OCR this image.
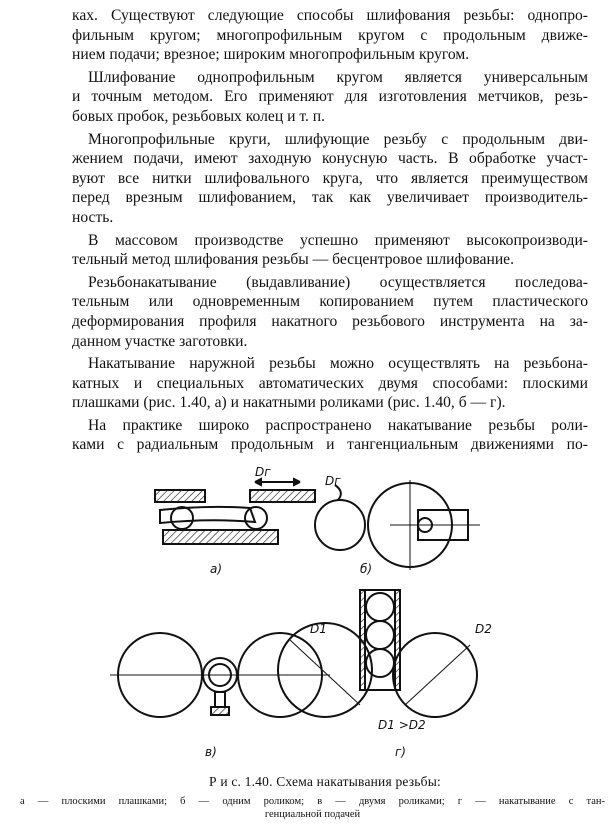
ках. Существуют следующие способы шлифования резьбы: однопро-
фильным кругом; многопрофильным кругом с продольным движе-
нием подачи; врезное; широким многопрофильным кругом.

Шлифование однопрофильным кругом является универсальным
и точным методом. Его применяют для изготовления метчиков, резь-
бовых пробок, резьбовых колец и т. п.

Многопрофильные круги, шлифующие резьбу с продольным дви-
жением подачи, имеют заходную конусную часть. В обработке участ-
вуют все нитки шлифовального круга, что является преимуществом
перед врезным шлифованием, так как увеличивает производитель-
ность.

В массовом производстве успешно применяют высокопроизводи-
тельный метод шлифования резьбы — бесцентровое шлифование.

Резьбонакатывание (выдавливание) осуществляется последова-
тельным или одновременным копированием путем пластического
деформирования профиля накатного резьбового инструмента на за-
данном участке заготовки.

Накатывание наружной резьбы можно осуществлять на резьбона-
катных и специальных автоматических двумя способами: плоскими
плашками (рис. 1.40, а) и накатными роликами (рис. 1.40, б — г).

На практике широко распространено накатывание резьбы роли-
ками с радиальным продольным и тангенциальным движениями по-

Dг
Dг
а)	б)
в)	г)
D1	D2
D1 >D2
Р и с. 1.40. Схема накатывания резьбы:
а — плоскими плашками; б — одним роликом; в — двумя роликами; г — накатывание с тан-
генциальной подачей
